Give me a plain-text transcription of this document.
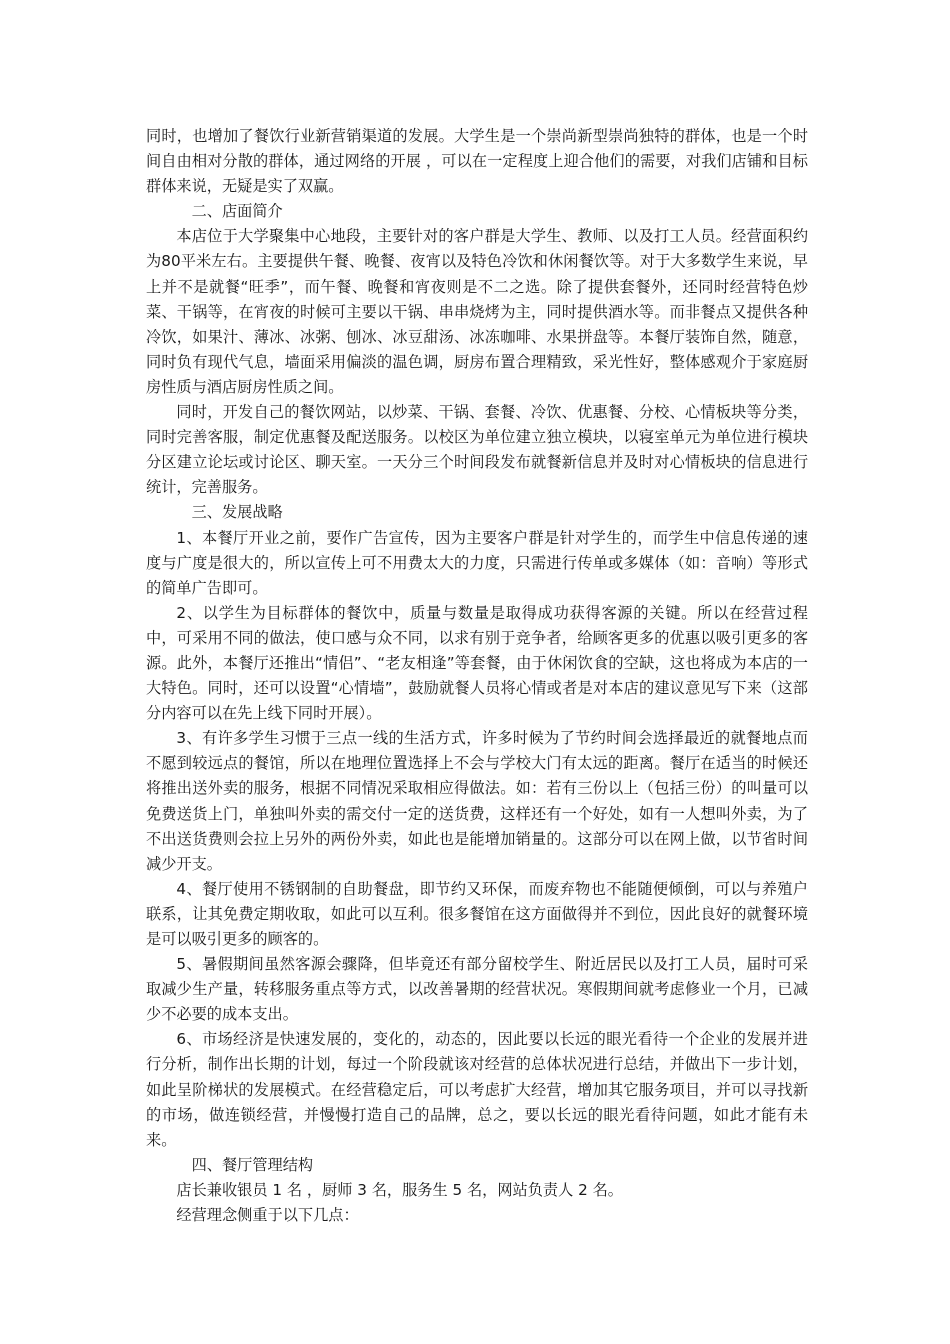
同时，也增加了餐饮行业新营销渠道的发展。大学生是一个崇尚新型崇尚独特的群体，也是一个时间自由相对分散的群体，通过网络的开展 ，可以在一定程度上迎合他们的需要，对我们店铺和目标群体来说，无疑是实了双赢。

二、店面简介

本店位于大学聚集中心地段，主要针对的客户群是大学生、教师、以及打工人员。经营面积约为80平米左右。主要提供午餐、晚餐、夜宵以及特色冷饮和休闲餐饮等。对于大多数学生来说，早上并不是就餐“旺季”，而午餐、晚餐和宵夜则是不二之选。除了提供套餐外，还同时经营特色炒菜、干锅等，在宵夜的时候可主要以干锅、串串烧烤为主，同时提供酒水等。而非餐点又提供各种冷饮，如果汁、薄冰、冰粥、刨冰、冰豆甜汤、冰冻咖啡、水果拼盘等。本餐厅装饰自然，随意，同时负有现代气息，墙面采用偏淡的温色调，厨房布置合理精致，采光性好，整体感观介于家庭厨房性质与酒店厨房性质之间。

同时，开发自己的餐饮网站，以炒菜、干锅、套餐、冷饮、优惠餐、分校、心情板块等分类，同时完善客服，制定优惠餐及配送服务。以校区为单位建立独立模块，以寝室单元为单位进行模块分区建立论坛或讨论区、聊天室。一天分三个时间段发布就餐新信息并及时对心情板块的信息进行统计，完善服务。

三、发展战略

1、本餐厅开业之前，要作广告宣传，因为主要客户群是针对学生的，而学生中信息传递的速度与广度是很大的，所以宣传上可不用费太大的力度，只需进行传单或多媒体（如：音响）等形式的简单广告即可。

2、以学生为目标群体的餐饮中，质量与数量是取得成功获得客源的关键。所以在经营过程中，可采用不同的做法，使口感与众不同，以求有别于竞争者，给顾客更多的优惠以吸引更多的客源。此外，本餐厅还推出“情侣”、“老友相逢”等套餐，由于休闲饮食的空缺，这也将成为本店的一大特色。同时，还可以设置“心情墙”，鼓励就餐人员将心情或者是对本店的建议意见写下来（这部分内容可以在先上线下同时开展）。

3、有许多学生习惯于三点一线的生活方式，许多时候为了节约时间会选择最近的就餐地点而不愿到较远点的餐馆，所以在地理位置选择上不会与学校大门有太远的距离。餐厅在适当的时候还将推出送外卖的服务，根据不同情况采取相应得做法。如：若有三份以上（包括三份）的叫量可以免费送货上门，单独叫外卖的需交付一定的送货费，这样还有一个好处，如有一人想叫外卖，为了不出送货费则会拉上另外的两份外卖，如此也是能增加销量的。这部分可以在网上做，以节省时间减少开支。

4、餐厅使用不锈钢制的自助餐盘，即节约又环保，而废弃物也不能随便倾倒，可以与养殖户联系，让其免费定期收取，如此可以互利。很多餐馆在这方面做得并不到位，因此良好的就餐环境是可以吸引更多的顾客的。

5、暑假期间虽然客源会骤降，但毕竟还有部分留校学生、附近居民以及打工人员，届时可采取减少生产量，转移服务重点等方式，以改善暑期的经营状况。寒假期间就考虑修业一个月，已减少不必要的成本支出。

6、市场经济是快速发展的，变化的，动态的，因此要以长远的眼光看待一个企业的发展并进行分析，制作出长期的计划，每过一个阶段就该对经营的总体状况进行总结，并做出下一步计划，如此呈阶梯状的发展模式。在经营稳定后，可以考虑扩大经营，增加其它服务项目，并可以寻找新的市场，做连锁经营，并慢慢打造自己的品牌，总之，要以长远的眼光看待问题，如此才能有未来。

四、餐厅管理结构

店长兼收银员 1 名 ，厨师 3 名，服务生 5 名，网站负责人 2 名。

经营理念侧重于以下几点：
